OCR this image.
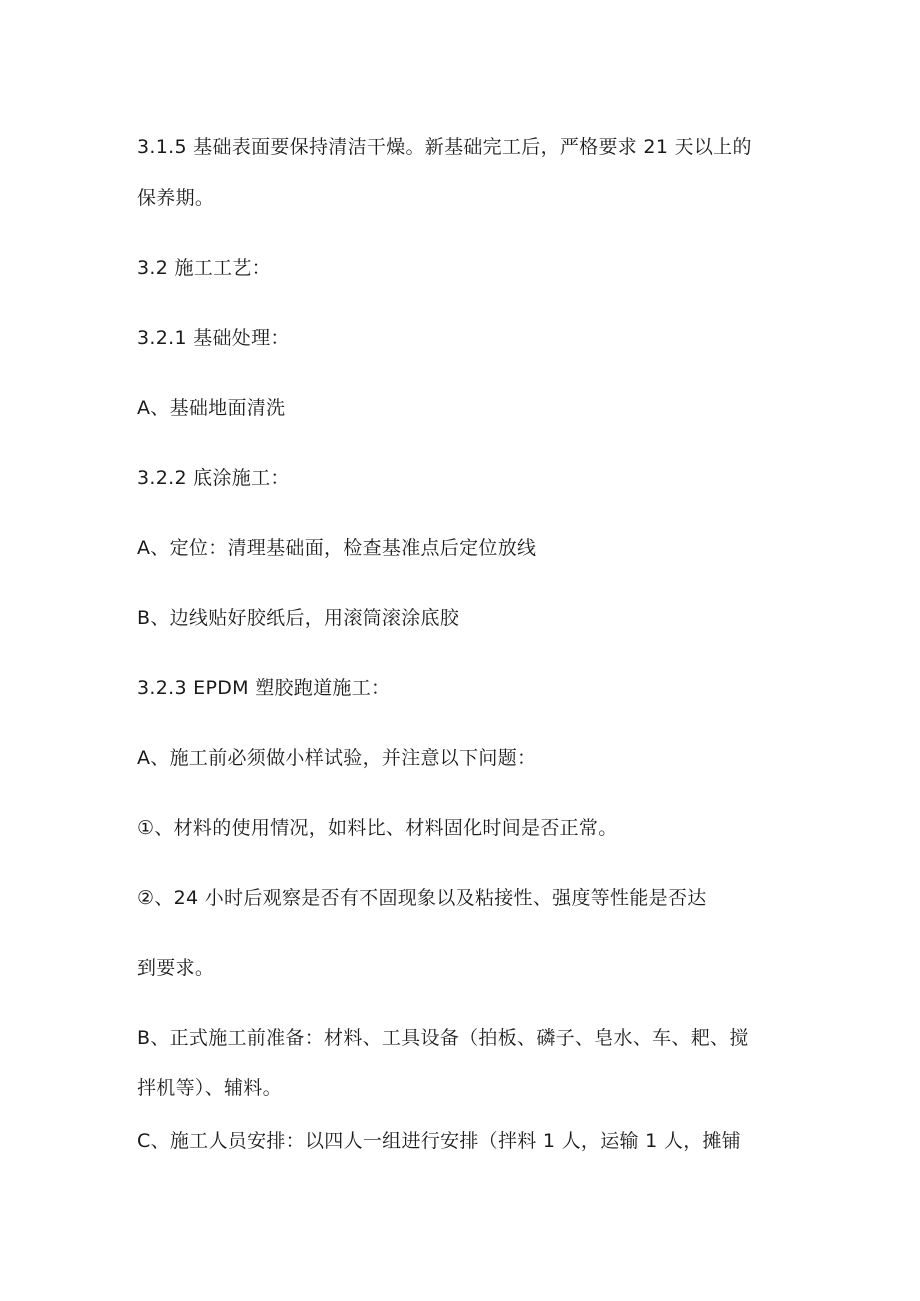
3.1.5 基础表面要保持清洁干燥。新基础完工后，严格要求 21 天以上的
保养期。
3.2 施工工艺：
3.2.1 基础处理：
A、基础地面清洗
3.2.2 底涂施工：
A、定位：清理基础面，检查基准点后定位放线
B、边线贴好胶纸后，用滚筒滚涂底胶
3.2.3 EPDM 塑胶跑道施工：
A、施工前必须做小样试验，并注意以下问题：
①、材料的使用情况，如料比、材料固化时间是否正常。
②、24 小时后观察是否有不固现象以及粘接性、强度等性能是否达
到要求。
B、正式施工前准备：材料、工具设备（拍板、磷子、皂水、车、耙、搅
拌机等）、辅料。
C、施工人员安排：以四人一组进行安排（拌料 1 人，运输 1 人，摊铺
